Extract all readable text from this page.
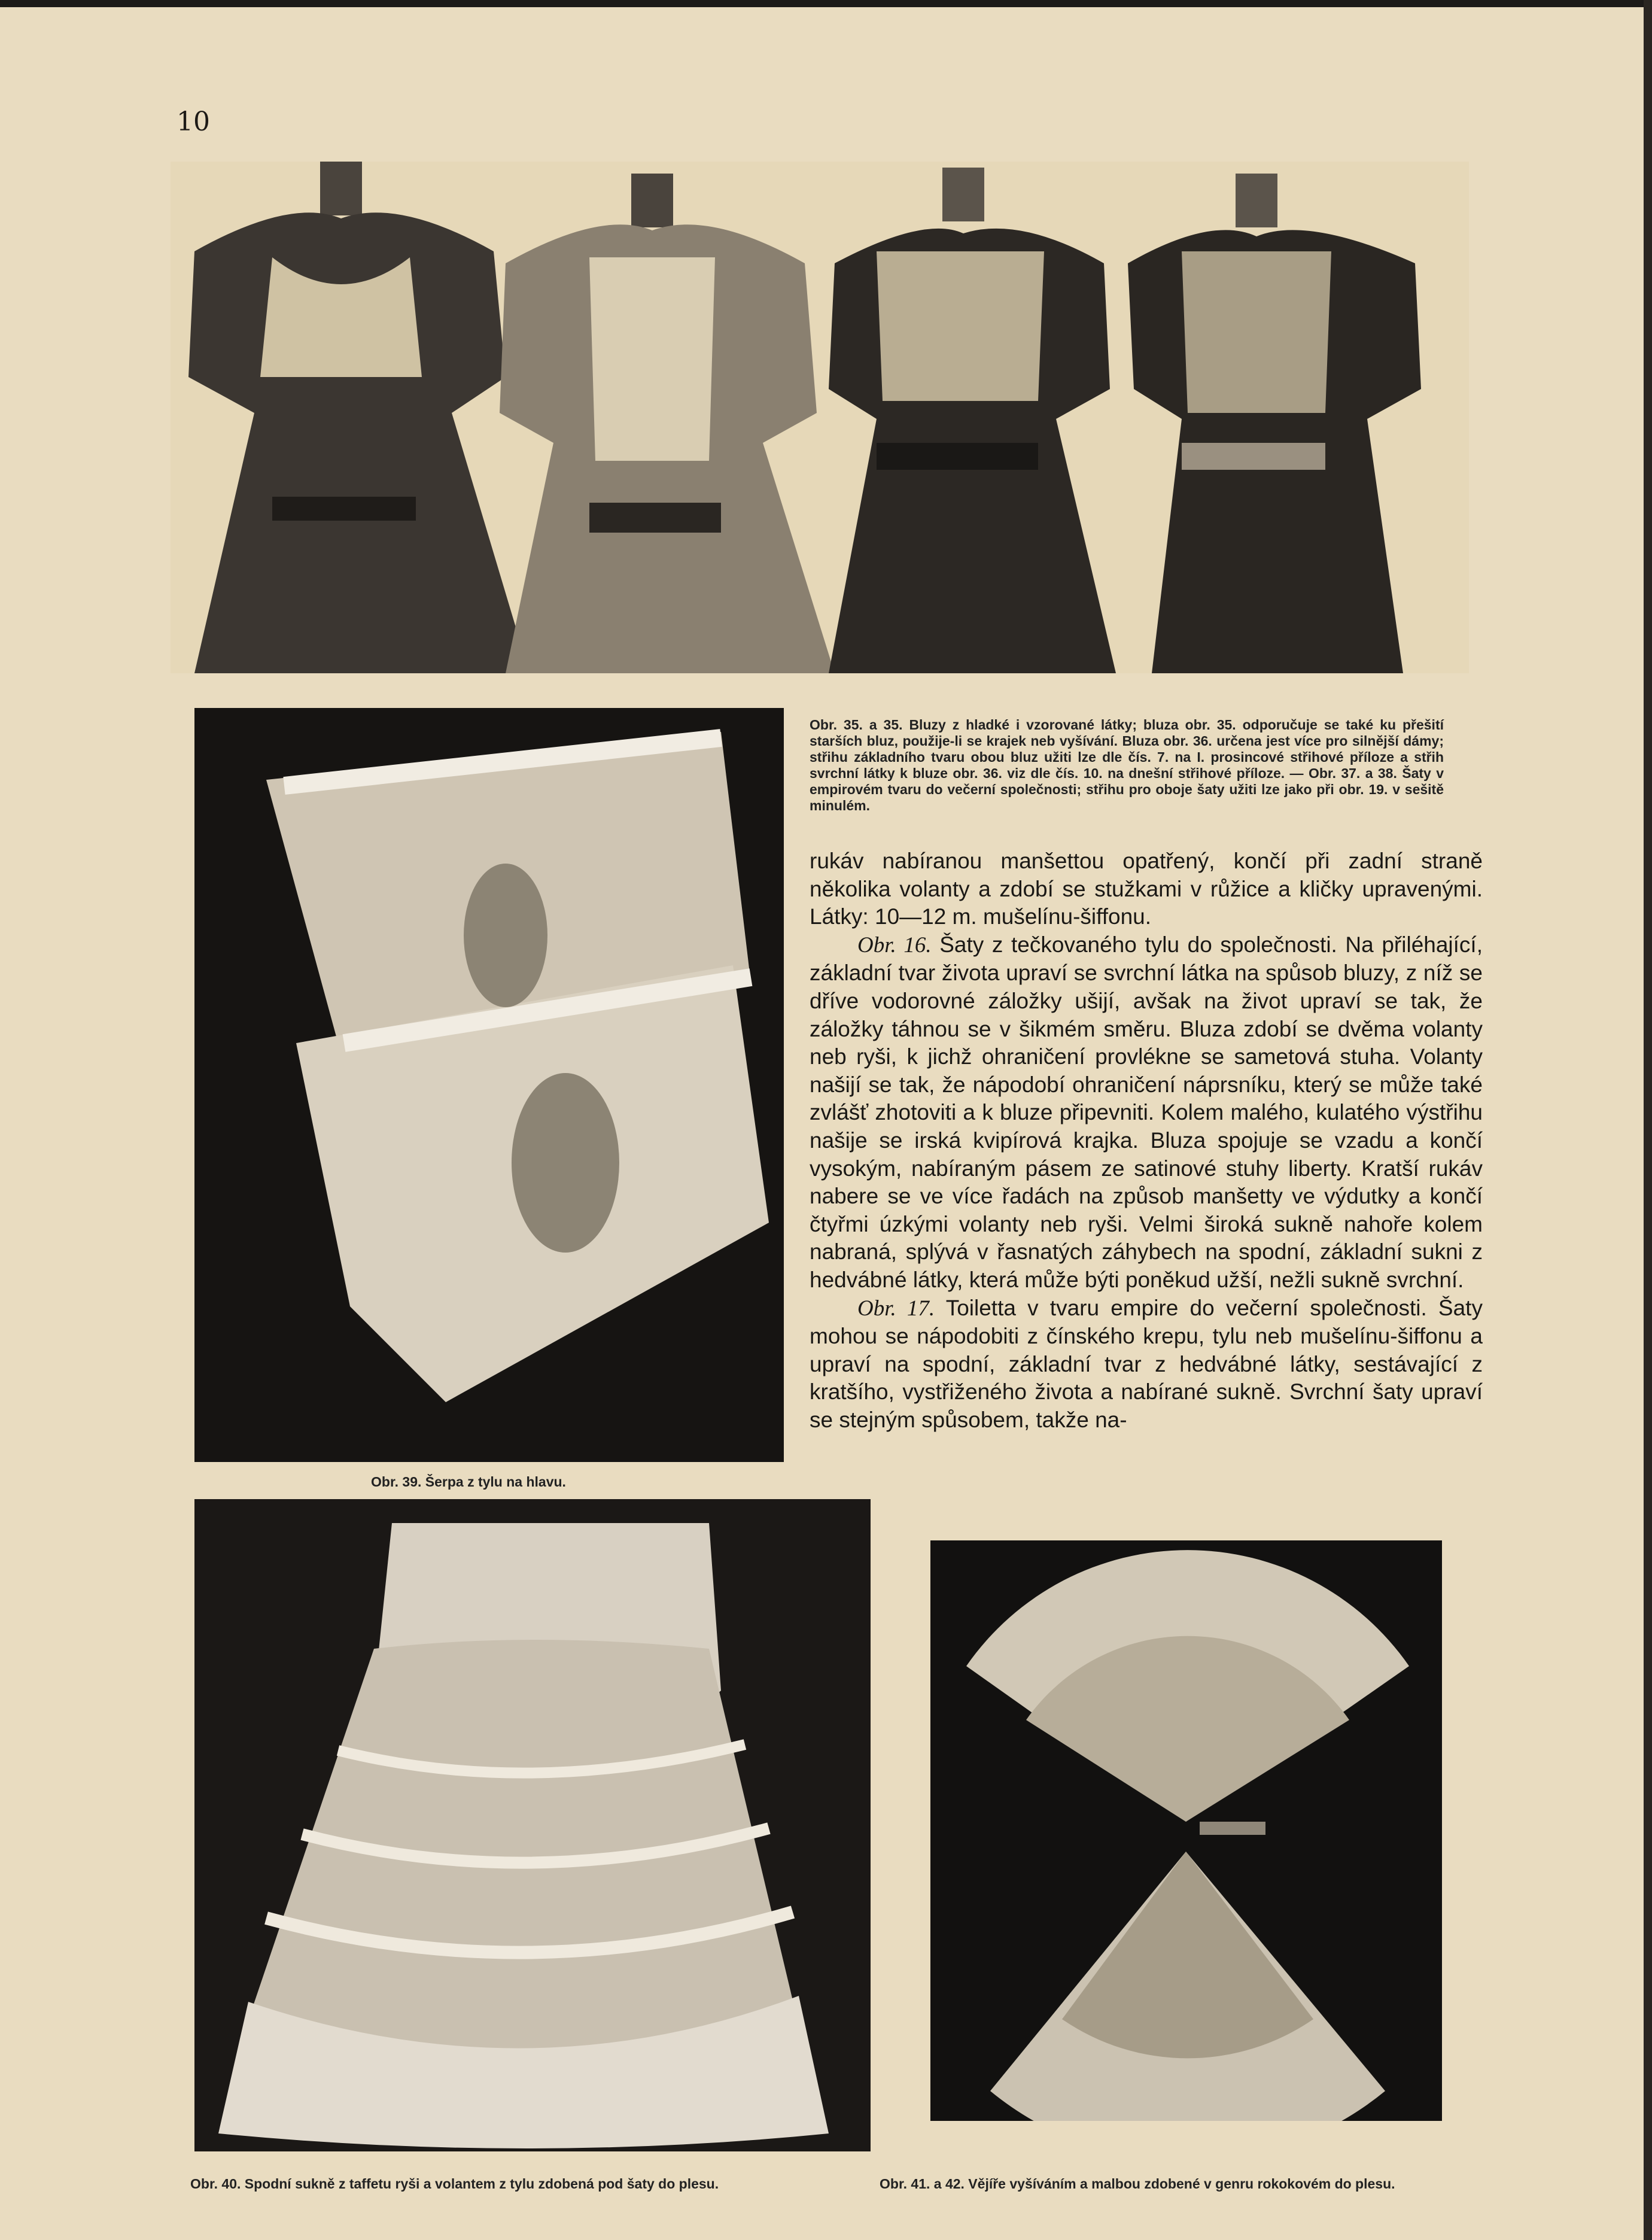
10
Obr. 35. a 35. Bluzy z hladké i vzorované látky; bluza obr. 35. odporučuje se také ku přešití starších bluz, použije-li se krajek neb vyšívání. Bluza obr. 36. určena jest více pro silnější dámy; střihu základního tvaru obou bluz užiti lze dle čís. 7. na I. prosincové střihové příloze a střih svrchní látky k bluze obr. 36. viz dle čís. 10. na dnešní střihové příloze. — Obr. 37. a 38. Šaty v empirovém tvaru do večerní společnosti; střihu pro oboje šaty užiti lze jako při obr. 19. v sešitě minulém.

rukáv nabíranou manšettou opatřený, končí při zadní straně několika volanty a zdobí se stužkami v růžice a kličky upravenými. Látky: 10—12 m. mušelínu-šiffonu.

Obr. 16. Šaty z tečkovaného tylu do společnosti. Na přiléhající, základní tvar života upraví se svrchní látka na spůsob bluzy, z níž se dříve vodorovné záložky ušijí, avšak na život upraví se tak, že záložky táhnou se v šikmém směru. Bluza zdobí se dvěma volanty neb ryši, k jichž ohraničení provlékne se sametová stuha. Volanty našijí se tak, že nápodobí ohraničení náprsníku, který se může také zvlášť zhotoviti a k bluze připevniti. Kolem malého, kulatého výstřihu našije se irská kvipírová krajka. Bluza spojuje se vzadu a končí vysokým, nabíraným pásem ze satinové stuhy liberty. Kratší rukáv nabere se ve více řadách na způsob manšetty ve výdutky a končí čtyřmi úzkými volanty neb ryši. Velmi široká sukně nahoře kolem nabraná, splývá v řasnatých záhybech na spodní, základní sukni z hedvábné látky, která může býti poněkud užší, nežli sukně svrchní.

Obr. 17. Toiletta v tvaru empire do večerní společnosti. Šaty mohou se nápodobiti z čínského krepu, tylu neb mušelínu-šiffonu a upraví na spodní, základní tvar z hedvábné látky, sestávající z kratšího, vystřiženého života a nabírané sukně. Svrchní šaty upraví se stejným spůsobem, takže na-

Obr. 39. Šerpa z tylu na hlavu.
Obr. 40. Spodní sukně z taffetu ryši a volantem z tylu zdobená pod šaty do plesu.	Obr. 41. a 42. Vějíře vyšíváním a malbou zdobené v genru rokokovém do plesu.
